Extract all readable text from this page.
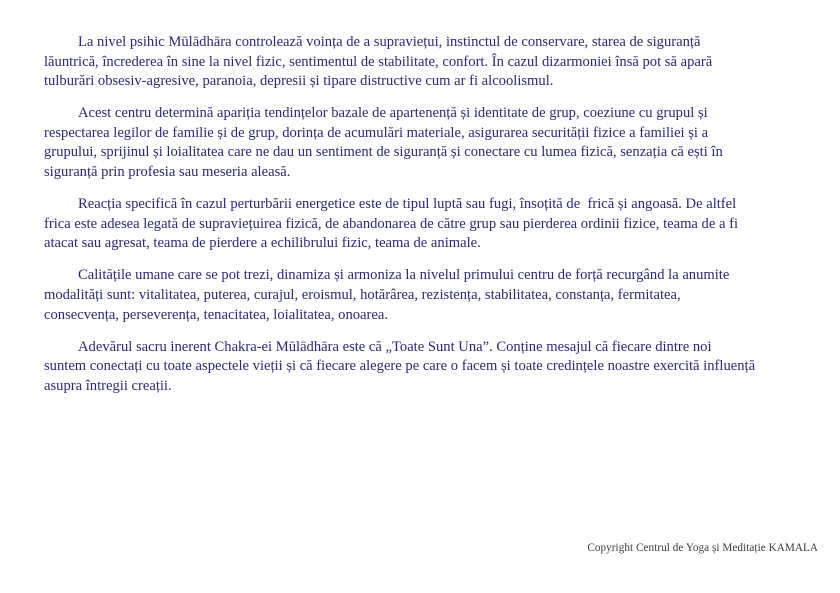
La nivel psihic Mūlādhāra controlează voința de a supraviețui, instinctul de conservare, starea de siguranță lăuntrică, încrederea în sine la nivel fizic, sentimentul de stabilitate, confort. În cazul dizarmoniei însă pot să apară tulburări obsesiv-agresive, paranoia, depresii și tipare distructive cum ar fi alcoolismul.

Acest centru determină apariția tendințelor bazale de apartenență și identitate de grup, coeziune cu grupul și respectarea legilor de familie și de grup, dorința de acumulări materiale, asigurarea securității fizice a familiei și a grupului, sprijinul și loialitatea care ne dau un sentiment de siguranță și conectare cu lumea fizică, senzația că ești în siguranță prin profesia sau meseria aleasă.

Reacția specifică în cazul perturbării energetice este de tipul luptă sau fugi, însoțită de  frică și angoasă. De altfel frica este adesea legată de supraviețuirea fizică, de abandonarea de către grup sau pierderea ordinii fizice, teama de a fi atacat sau agresat, teama de pierdere a echilibrului fizic, teama de animale.

Calitățile umane care se pot trezi, dinamiza și armoniza la nivelul primului centru de forță recurgând la anumite modalități sunt: vitalitatea, puterea, curajul, eroismul, hotărârea, rezistența, stabilitatea, constanța, fermitatea, consecvența, perseverența, tenacitatea, loialitatea, onoarea.

Adevărul sacru inerent Chakra-ei Mūlādhāra este că „Toate Sunt Una”. Conține mesajul că fiecare dintre noi suntem conectați cu toate aspectele vieții și că fiecare alegere pe care o facem și toate credințele noastre exercită influență asupra întregii creații.

Copyright Centrul de Yoga și Meditație KAMALA
